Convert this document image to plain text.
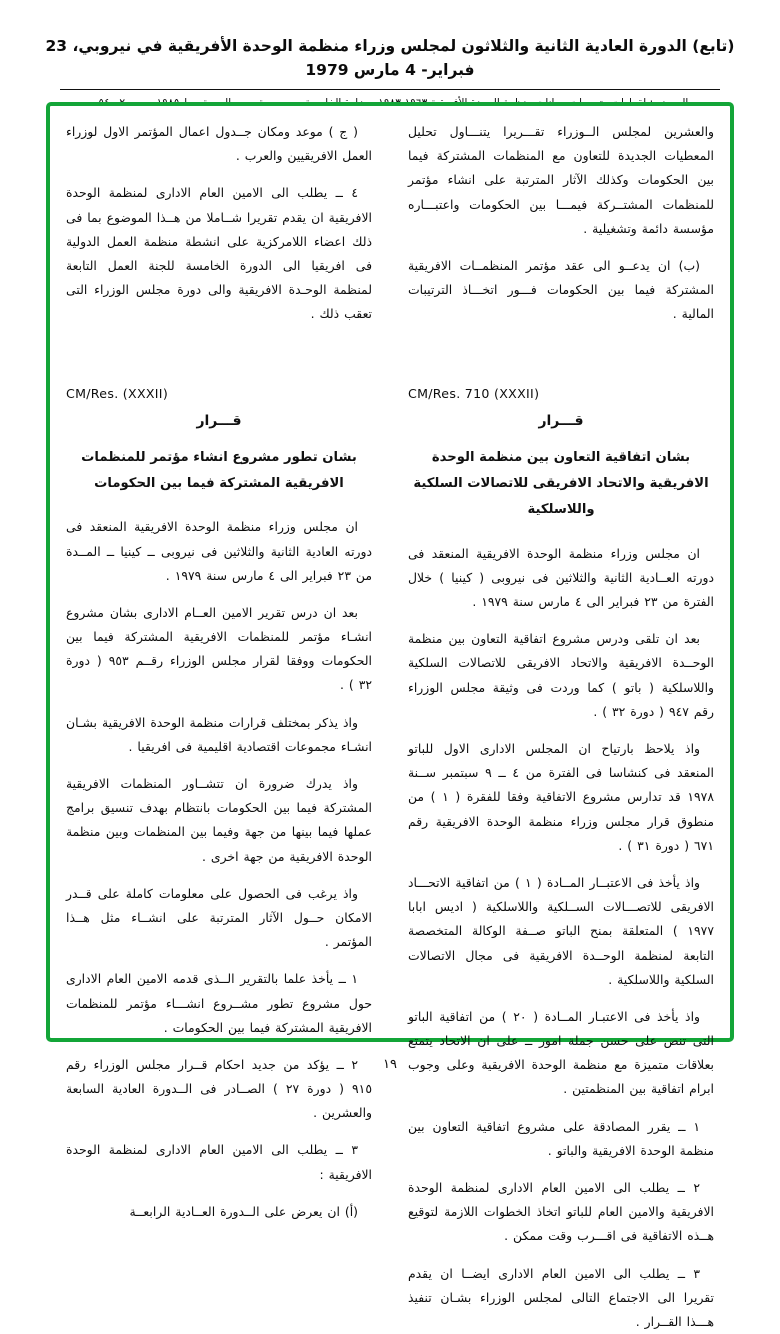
(تابع) الدورة العادية الثانية والثلاثون لمجلس وزراء منظمة الوحدة الأفريقية في نيروبي، 23 فبراير- 4 مارس 1979
( ج ) موعد ومكان جــدول اعمال المؤتمر الاول لوزراء العمل الافريقيين والعرب .
٤ ــ يطلب الى الامين العام الادارى لمنظمة الوحدة الافريقية ان يقدم تقريرا شــاملا من هــذا الموضوع بما فى ذلك اعضاء اللامركزية على انشطة منظمة العمل الدولية فى افريقيا الى الدورة الخامسة للجنة العمل التابعة لمنظمة الوحـدة الافريقية والى دورة مجلس الوزراء التى تعقب ذلك .
CM/Res. (XXXII)
قـــرار
بشان تطور مشروع انشاء مؤتمر للمنظمات الافريقية المشتركة فيما بين الحكومات
ان مجلس وزراء منظمة الوحدة الافريقية المنعقد فى دورته العادية الثانية والثلاثين فى نيروبى ــ كينيا ــ المــدة من ٢٣ فبراير الى ٤ مارس سنة ١٩٧٩ .
بعد ان درس تقرير الامين العــام الادارى بشان مشروع انشـاء مؤتمر للمنظمات الافريقية المشتركة فيما بين الحكومات ووفقا لقرار مجلس الوزراء رقــم ٩٥٣ ( دورة ٣٢ ) .
واذ يذكر بمختلف قرارات منظمة الوحدة الافريقية بشـان انشـاء مجموعات اقتصادية اقليمية فى افريقيا .
واذ يدرك ضرورة ان تتشــاور المنظمات الافريقية المشتركة فيما بين الحكومات بانتظام بهدف تنسيق برامج عملها فيما بينها من جهة وفيما بين المنظمات وبين منظمة الوحدة الافريقية من جهة اخرى .
واذ يرغب فى الحصول على معلومات كاملة على قــدر الامكان حــول الآثار المترتبة على انشــاء مثل هــذا المؤتمر .
١ ــ يأخذ علما بالتقرير الــذى قدمه الامين العام الادارى حول مشروع تطور مشــروع انشـــاء مؤتمر للمنظمات الافريقية المشتركة فيما بين الحكومات .
٢ ــ يؤكد من جديد احكام قــرار مجلس الوزراء رقم ٩١٥ ( دورة ٢٧ ) الصــادر فى الــدورة العادية السابعة والعشرين .
٣ ــ يطلب الى الامين العام الادارى لمنظمة الوحدة الافريقية :
(أ) ان يعرض على الــدورة العــادية الرابعــة
والعشرين لمجلس الــوزراء تقـــريرا يتنـــاول تحليل المعطيات الجديدة للتعاون مع المنظمات المشتركة فيما بين الحكومات وكذلك الآثار المترتبة على انشاء مؤتمر للمنظمات المشتــركة فيمـــا بين الحكومات واعتبـــاره مؤسسة دائمة وتشغيلية .
(ب) ان يدعــو الى عقد مؤتمر المنظمــات الافريقية المشتركة فيما بين الحكومات فـــور اتخـــاذ الترتيبات المالية .
CM/Res. 710 (XXXII)
قـــرار
بشان اتفاقية التعاون بين منظمة الوحدة الافريقية والاتحاد الافريقى للاتصالات السلكية واللاسلكية
ان مجلس وزراء منظمة الوحدة الافريقية المنعقد فى دورته العــادية الثانية والثلاثين فى نيروبى ( كينيا ) خلال الفترة من ٢٣ فبراير الى ٤ مارس سنة ١٩٧٩ .
بعد ان تلقى ودرس مشروع اتفاقية التعاون بين منظمة الوحــدة الافريقية والاتحاد الافريقى للاتصالات السلكية واللاسلكية ( باتو ) كما وردت فى وثيقة مجلس الوزراء رقم ٩٤٧ ( دورة ٣٢ ) .
واذ يلاحظ بارتياح ان المجلس الادارى الاول للباتو المنعقد فى كنشاسا فى الفترة من ٤ ــ ٩ سبتمبر ســنة ١٩٧٨ قد تدارس مشروع الاتفاقية وفقا للفقرة ( ١ ) من منطوق قرار مجلس وزراء منظمة الوحدة الافريقية رقم ٦٧١ ( دورة ٣١ ) .
واذ يأخذ فى الاعتبــار المــادة ( ١ ) من اتفاقية الاتحـــاد الافريقى للاتصـــالات الســلكية واللاسلكية ( اديس ابابا ١٩٧٧ ) المتعلقة بمنح الباتو صــفة الوكالة المتخصصة التابعة لمنظمة الوحــدة الافريقية فى مجال الاتصالات السلكية واللاسلكية .
واذ يأخذ فى الاعتبـار المــادة ( ٢٠ ) من اتفاقية الباتو التى تنص على حسن جملة امور ــ على ان الاتحاد يتمتع بعلاقات متميزة مع منظمة الوحدة الافريقية وعلى وجوب ابرام اتفاقية بين المنظمتين .
١ ــ يقرر المصادقة على مشروع اتفاقية التعاون بين منظمة الوحدة الافريقية والباتو .
٢ ــ يطلب الى الامين العام الادارى لمنظمة الوحدة الافريقية والامين العام للباتو اتخاذ الخطوات اللازمة لتوقيع هــذه الاتفاقية فى اقـــرب وقت ممكن .
٣ ــ يطلب الى الامين العام الادارى ايضــا ان يقدم تقريرا الى الاجتماع التالى لمجلس الوزراء بشـان تنفيذ هـــذا القــرار .
١٩
